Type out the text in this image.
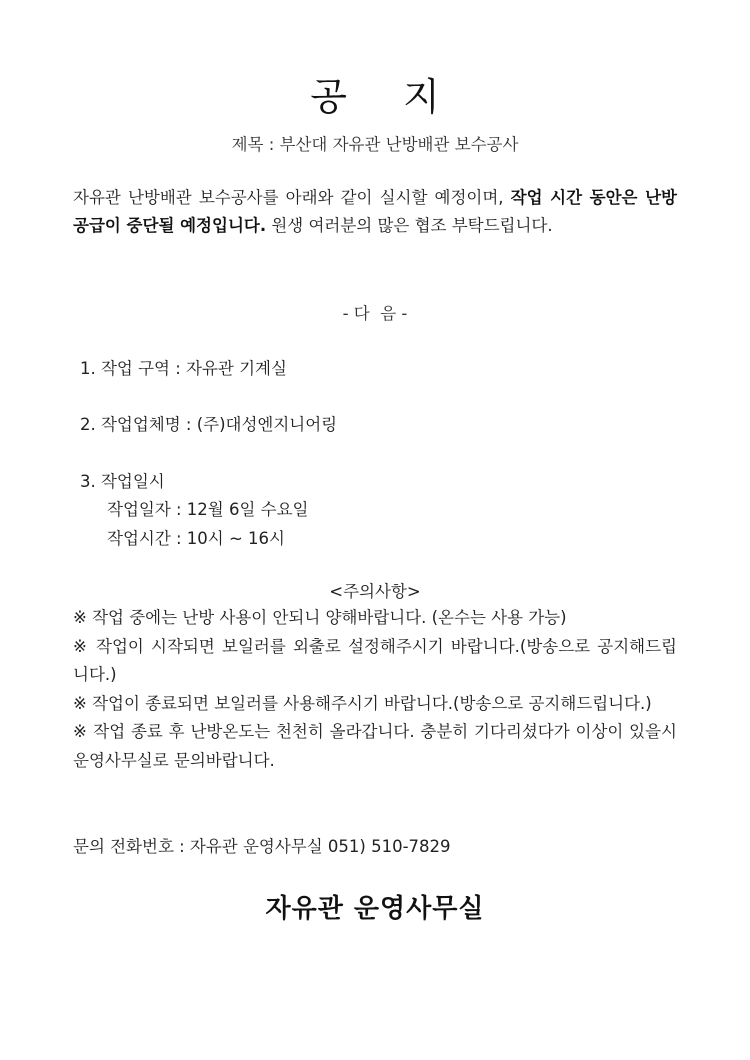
공 지
제목 : 부산대 자유관 난방배관 보수공사
자유관 난방배관 보수공사를 아래와 같이 실시할 예정이며, 작업 시간 동안은 난방 공급이 중단될 예정입니다. 원생 여러분의 많은 협조 부탁드립니다.
- 다  음 -
1. 작업 구역 : 자유관 기계실
2. 작업업체명 : (주)대성엔지니어링
3. 작업일시
작업일자 : 12월 6일 수요일
작업시간 : 10시 ~ 16시
<주의사항>

※ 작업 중에는 난방 사용이 안되니 양해바랍니다. (온수는 사용 가능)

※ 작업이 시작되면 보일러를 외출로 설정해주시기 바랍니다.(방송으로 공지해드립니다.)

※ 작업이 종료되면 보일러를 사용해주시기 바랍니다.(방송으로 공지해드립니다.)

※ 작업 종료 후 난방온도는 천천히 올라갑니다. 충분히 기다리셨다가 이상이 있을시 운영사무실로 문의바랍니다.

문의 전화번호 : 자유관 운영사무실 051) 510-7829
자유관 운영사무실
